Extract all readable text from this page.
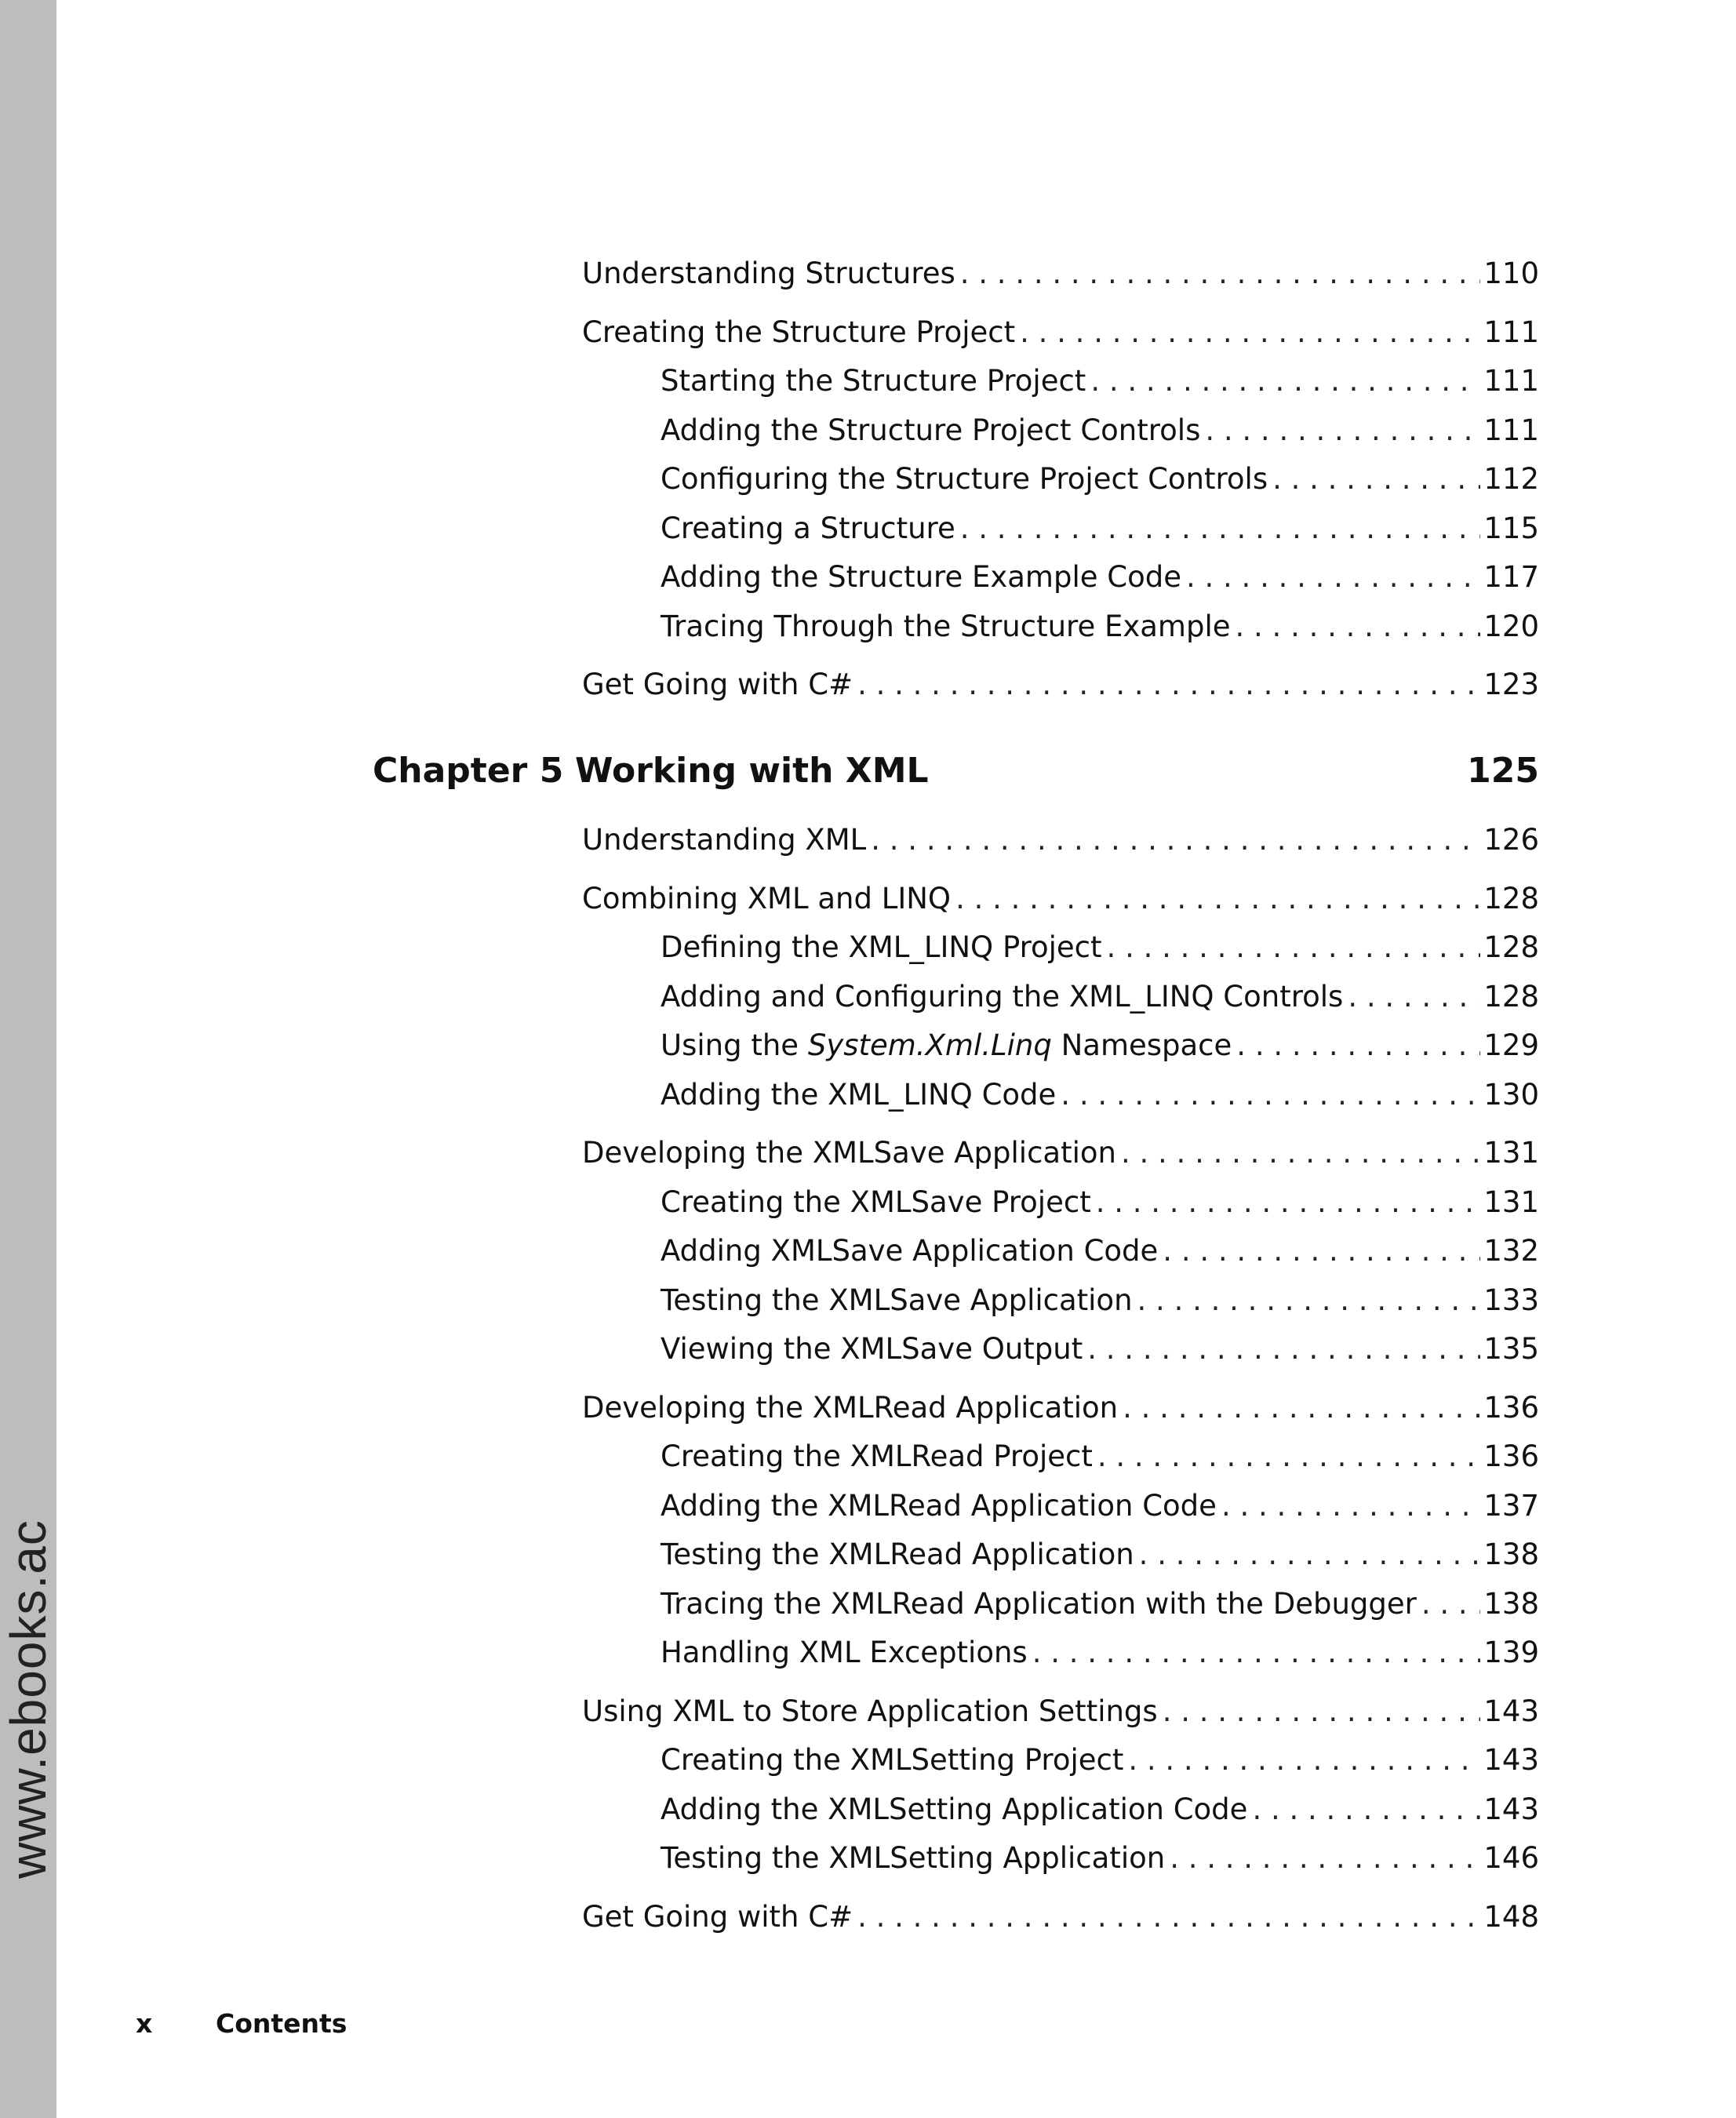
www.ebooks.ac
Understanding Structures . . .	110
Creating the Structure Project . . .	111
Starting the Structure Project . . .	111
Adding the Structure Project Controls . . .	111
Configuring the Structure Project Controls . . .	112
Creating a Structure . . .	115
Adding the Structure Example Code . . .	117
Tracing Through the Structure Example . . .	120
Get Going with C# . . .	123
Chapter 5 Working with XML	125
Understanding XML . . .	126
Combining XML and LINQ . . .	128
Defining the XML_LINQ Project . . .	128
Adding and Configuring the XML_LINQ Controls . . .	128
Using the System.Xml.Linq Namespace . . .	129
Adding the XML_LINQ Code . . .	130
Developing the XMLSave Application . . .	131
Creating the XMLSave Project . . .	131
Adding XMLSave Application Code . . .	132
Testing the XMLSave Application . . .	133
Viewing the XMLSave Output . . .	135
Developing the XMLRead Application . . .	136
Creating the XMLRead Project . . .	136
Adding the XMLRead Application Code . . .	137
Testing the XMLRead Application . . .	138
Tracing the XMLRead Application with the Debugger . . . 138
Handling XML Exceptions . . .	139
Using XML to Store Application Settings . . .	143
Creating the XMLSetting Project . . .	143
Adding the XMLSetting Application Code . . .	143
Testing the XMLSetting Application . . .	146
Get Going with C# . . .	148
x	Contents
